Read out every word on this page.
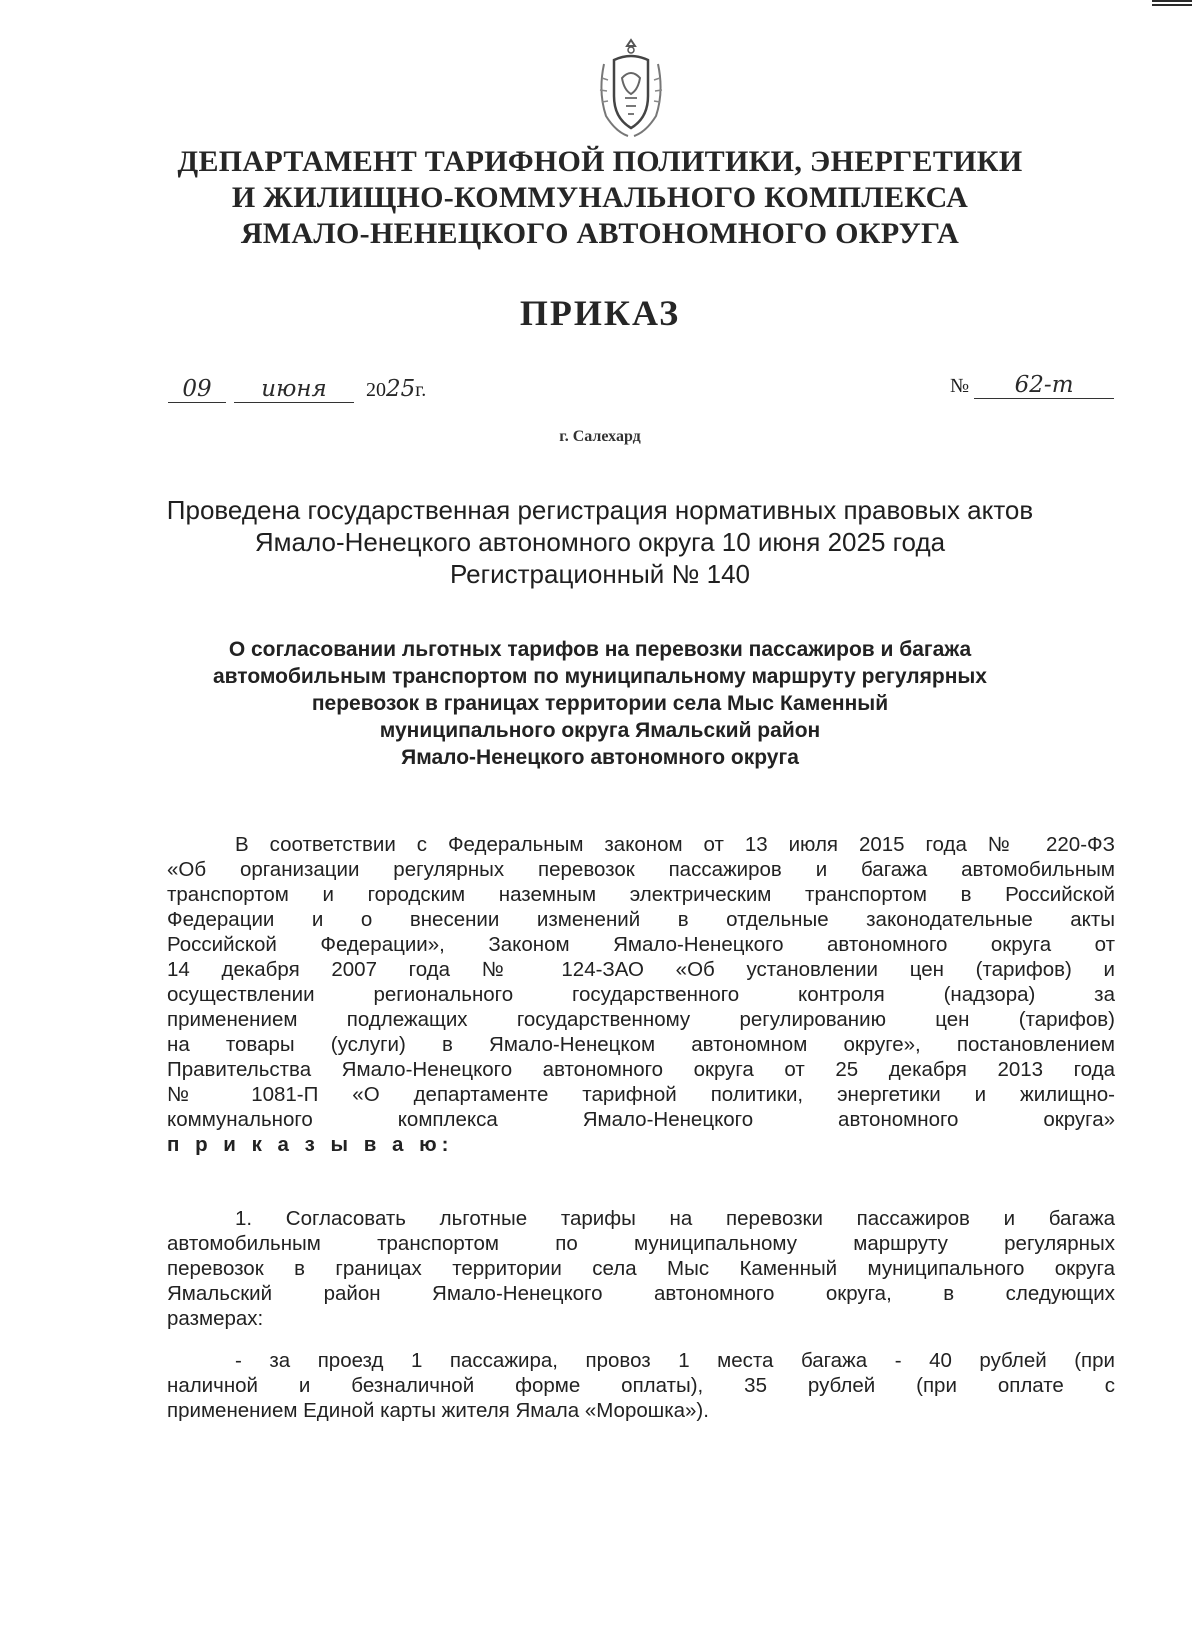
ДЕПАРТАМЕНТ ТАРИФНОЙ ПОЛИТИКИ, ЭНЕРГЕТИКИ
И ЖИЛИЩНО-КОММУНАЛЬНОГО КОМПЛЕКСА
ЯМАЛО-НЕНЕЦКОГО АВТОНОМНОГО ОКРУГА
ПРИКАЗ
09 июня 2025г.	№ 62-т
г. Салехард
Проведена государственная регистрация нормативных правовых актов
Ямало-Ненецкого автономного округа 10 июня 2025 года
Регистрационный № 140
О согласовании льготных тарифов на перевозки пассажиров и багажа
автомобильным транспортом по муниципальному маршруту регулярных
перевозок в границах территории села Мыс Каменный
муниципального округа Ямальский район
Ямало-Ненецкого автономного округа
В соответствии с Федеральным законом от 13 июля 2015 года № 220-ФЗ
«Об организации регулярных перевозок пассажиров и багажа автомобильным
транспортом и городским наземным электрическим транспортом в Российской
Федерации и о внесении изменений в отдельные законодательные акты
Российской Федерации», Законом Ямало-Ненецкого автономного округа от
14 декабря 2007 года № 124-ЗАО «Об установлении цен (тарифов) и
осуществлении регионального государственного контроля (надзора) за
применением подлежащих государственному регулированию цен (тарифов)
на товары (услуги) в Ямало-Ненецком автономном округе», постановлением
Правительства Ямало-Ненецкого автономного округа от 25 декабря 2013 года
№ 1081-П «О департаменте тарифной политики, энергетики и жилищно-
коммунального комплекса Ямало-Ненецкого автономного округа»
п р и к а з ы в а ю:
1. Согласовать льготные тарифы на перевозки пассажиров и багажа
автомобильным транспортом по муниципальному маршруту регулярных
перевозок в границах территории села Мыс Каменный муниципального округа
Ямальский район Ямало-Ненецкого автономного округа, в следующих
размерах:
- за проезд 1 пассажира, провоз 1 места багажа - 40 рублей (при
наличной и безналичной форме оплаты), 35 рублей (при оплате с
применением Единой карты жителя Ямала «Морошка»).
